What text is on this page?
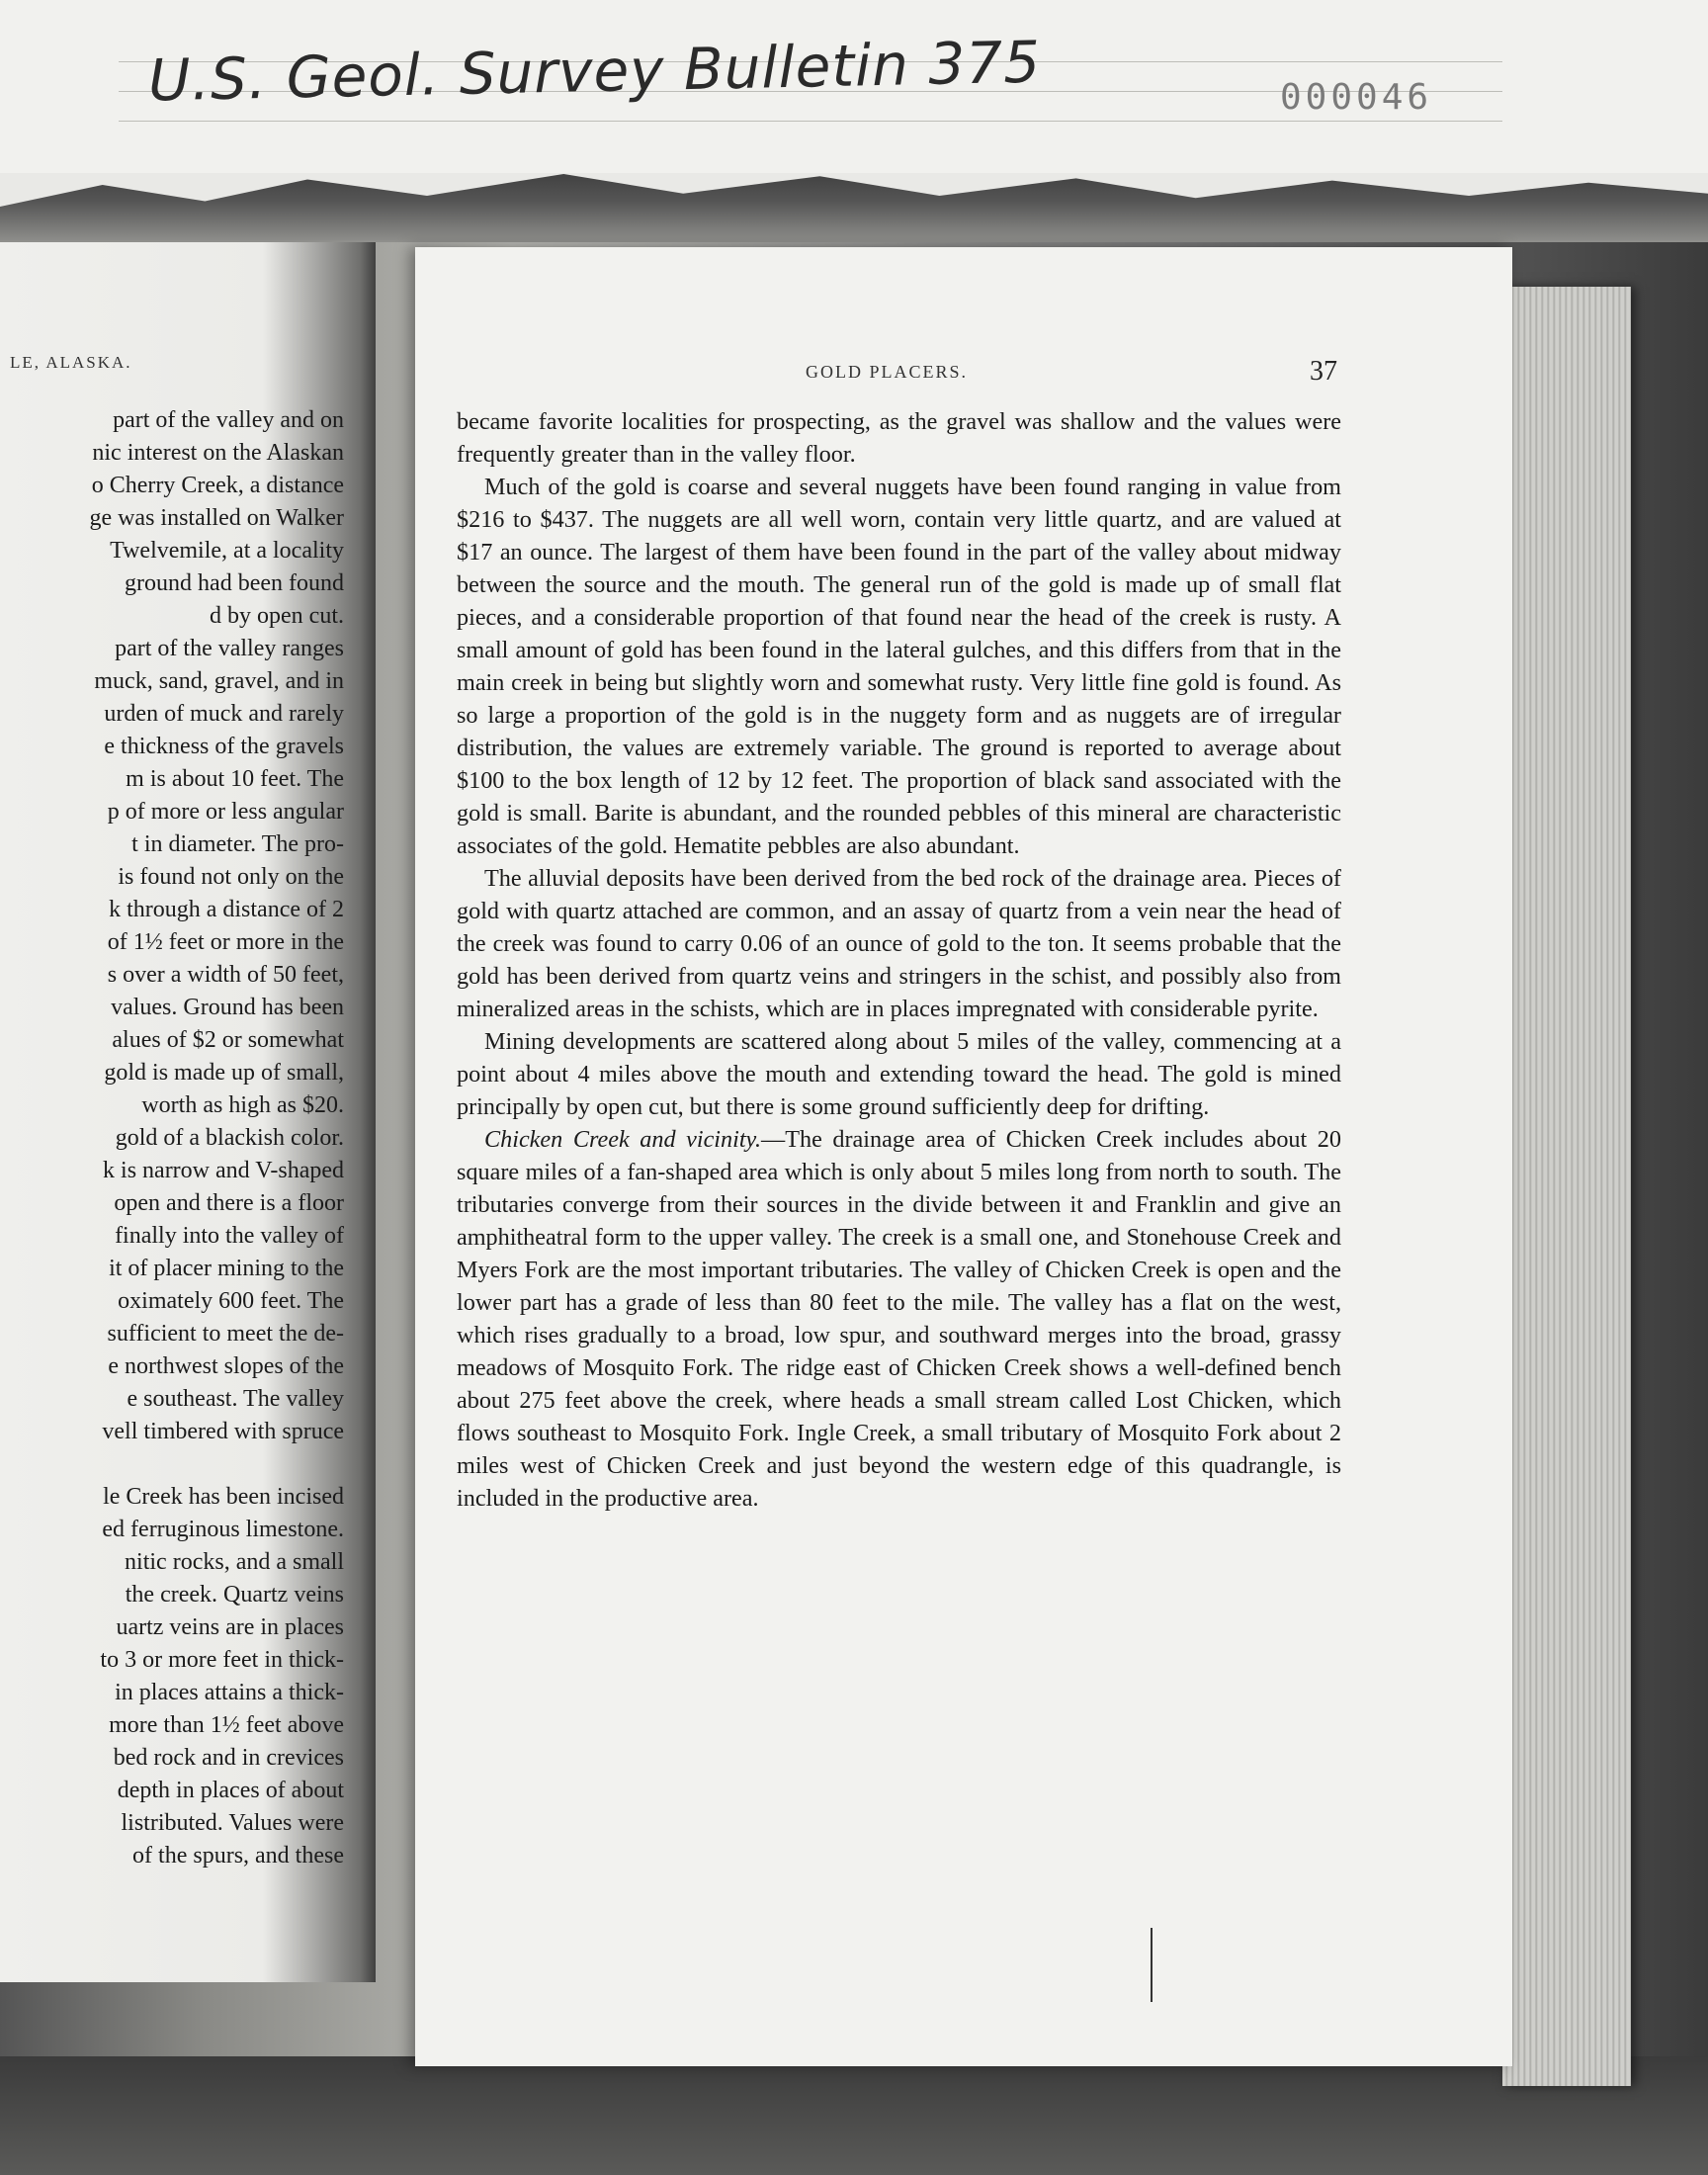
U.S. Geol. Survey Bulletin 375	000046
LE, ALASKA.
part of the valley and on
nic interest on the Alaskan
o Cherry Creek, a distance
ge was installed on Walker
Twelvemile, at a locality
ground had been found
d by open cut.
part of the valley ranges
muck, sand, gravel, and in
urden of muck and rarely
e thickness of the gravels
m is about 10 feet. The
p of more or less angular
t in diameter. The pro-
is found not only on the
k through a distance of 2
of 1½ feet or more in the
s over a width of 50 feet,
values. Ground has been
alues of $2 or somewhat
gold is made up of small,
worth as high as $20.
gold of a blackish color.
k is narrow and V-shaped
open and there is a floor
finally into the valley of
it of placer mining to the
oximately 600 feet. The
sufficient to meet the de-
e northwest slopes of the
e southeast. The valley
vell timbered with spruce
le Creek has been incised
ed ferruginous limestone.
nitic rocks, and a small
the creek. Quartz veins
uartz veins are in places
to 3 or more feet in thick-
in places attains a thick-
more than 1½ feet above
bed rock and in crevices
depth in places of about
listributed. Values were
of the spurs, and these
GOLD PLACERS.	37

became favorite localities for prospecting, as the gravel was shallow and the values were frequently greater than in the valley floor.

Much of the gold is coarse and several nuggets have been found ranging in value from $216 to $437. The nuggets are all well worn, contain very little quartz, and are valued at $17 an ounce. The largest of them have been found in the part of the valley about midway between the source and the mouth. The general run of the gold is made up of small flat pieces, and a considerable proportion of that found near the head of the creek is rusty. A small amount of gold has been found in the lateral gulches, and this differs from that in the main creek in being but slightly worn and somewhat rusty. Very little fine gold is found. As so large a proportion of the gold is in the nuggety form and as nuggets are of irregular distribution, the values are extremely variable. The ground is reported to average about $100 to the box length of 12 by 12 feet. The proportion of black sand associated with the gold is small. Barite is abundant, and the rounded pebbles of this mineral are characteristic associates of the gold. Hematite pebbles are also abundant.

The alluvial deposits have been derived from the bed rock of the drainage area. Pieces of gold with quartz attached are common, and an assay of quartz from a vein near the head of the creek was found to carry 0.06 of an ounce of gold to the ton. It seems probable that the gold has been derived from quartz veins and stringers in the schist, and possibly also from mineralized areas in the schists, which are in places impregnated with considerable pyrite.

Mining developments are scattered along about 5 miles of the valley, commencing at a point about 4 miles above the mouth and extending toward the head. The gold is mined principally by open cut, but there is some ground sufficiently deep for drifting.

Chicken Creek and vicinity.—The drainage area of Chicken Creek includes about 20 square miles of a fan-shaped area which is only about 5 miles long from north to south. The tributaries converge from their sources in the divide between it and Franklin and give an amphitheatral form to the upper valley. The creek is a small one, and Stonehouse Creek and Myers Fork are the most important tributaries. The valley of Chicken Creek is open and the lower part has a grade of less than 80 feet to the mile. The valley has a flat on the west, which rises gradually to a broad, low spur, and southward merges into the broad, grassy meadows of Mosquito Fork. The ridge east of Chicken Creek shows a well-defined bench about 275 feet above the creek, where heads a small stream called Lost Chicken, which flows southeast to Mosquito Fork. Ingle Creek, a small tributary of Mosquito Fork about 2 miles west of Chicken Creek and just beyond the western edge of this quadrangle, is included in the productive area.
